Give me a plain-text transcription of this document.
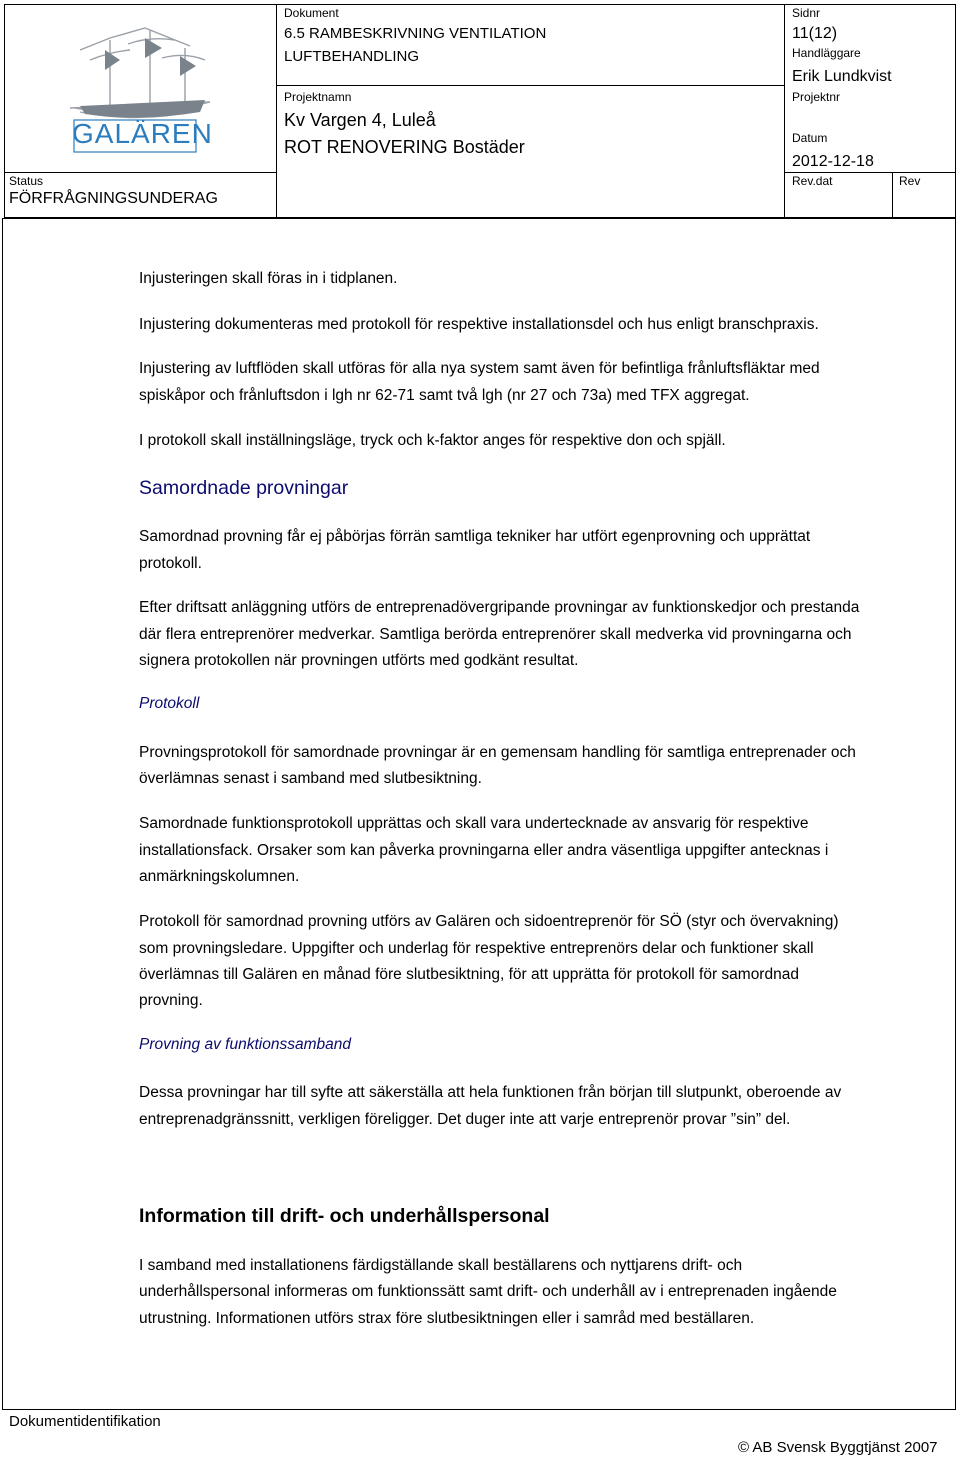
GALÄREN
Status
FÖRFRÅGNINGSUNDERAG
Dokument
6.5 RAMBESKRIVNING VENTILATION
LUFTBEHANDLING
Projektnamn
Kv Vargen 4, Luleå
ROT RENOVERING Bostäder
Sidnr
11(12)
Handläggare
Erik Lundkvist
Projektnr
Datum
2012-12-18
Rev.dat	Rev
Injusteringen skall föras in i tidplanen.
Injustering dokumenteras med protokoll för respektive installationsdel och hus enligt branschpraxis.
Injustering av luftflöden skall utföras för alla nya system samt även för befintliga frånluftsfläktar med
spiskåpor och frånluftsdon i lgh nr 62-71 samt två lgh (nr 27 och 73a) med TFX aggregat.
I protokoll skall inställningsläge, tryck och k-faktor anges för respektive don och spjäll.
Samordnade provningar
Samordnad provning får ej påbörjas förrän samtliga tekniker har utfört egenprovning och upprättat
protokoll.
Efter driftsatt anläggning utförs de entreprenadövergripande provningar av funktionskedjor och prestanda
där flera entreprenörer medverkar. Samtliga berörda entreprenörer skall medverka vid provningarna och
signera protokollen när provningen utförts med godkänt resultat.
Protokoll
Provningsprotokoll för samordnade provningar är en gemensam handling för samtliga entreprenader och
överlämnas senast i samband med slutbesiktning.
Samordnade funktionsprotokoll upprättas och skall vara undertecknade av ansvarig för respektive
installationsfack. Orsaker som kan påverka provningarna eller andra väsentliga uppgifter antecknas i
anmärkningskolumnen.
Protokoll för samordnad provning utförs av Galären och sidoentreprenör för SÖ (styr och övervakning)
som provningsledare. Uppgifter och underlag för respektive entreprenörs delar och funktioner skall
överlämnas till Galären en månad före slutbesiktning, för att upprätta för protokoll för samordnad
provning.
Provning av funktionssamband
Dessa provningar har till syfte att säkerställa att hela funktionen från början till slutpunkt, oberoende av
entreprenadgränssnitt, verkligen föreligger. Det duger inte att varje entreprenör provar ”sin” del.
Information till drift- och underhållspersonal
I samband med installationens färdigställande skall beställarens och nyttjarens drift- och
underhållspersonal informeras om funktionssätt samt drift- och underhåll av i entreprenaden ingående
utrustning. Informationen utförs strax före slutbesiktningen eller i samråd med beställaren.
Dokumentidentifikation
© AB Svensk Byggtjänst 2007
